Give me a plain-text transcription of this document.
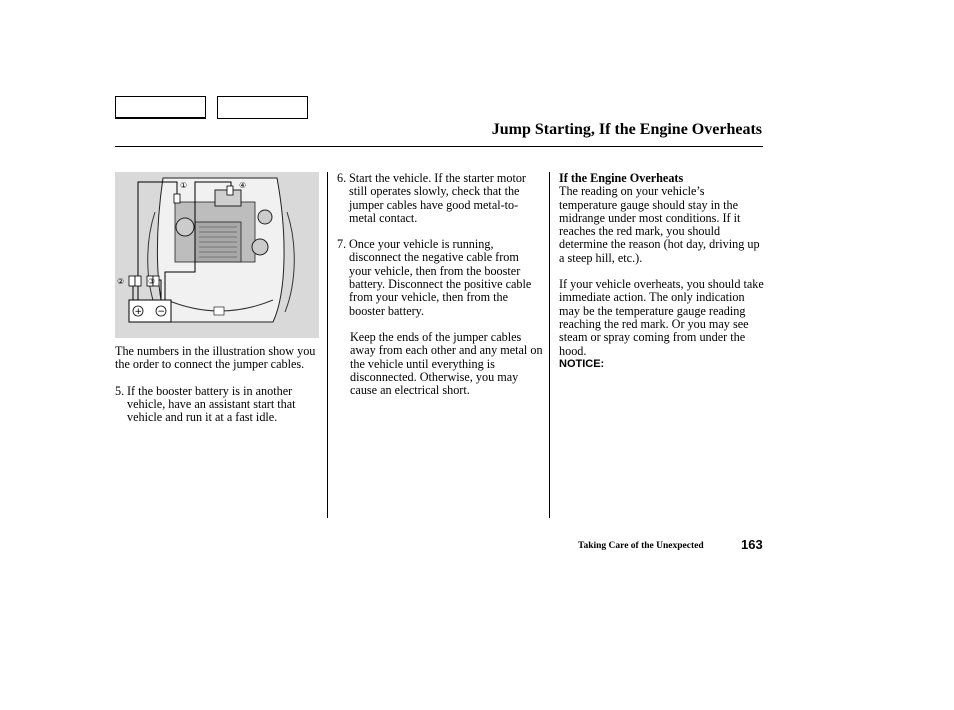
Jump Starting, If the Engine Overheats
+ −
①
②	③
④

The numbers in the illustration show you the order to connect the jumper cables.

5. If the booster battery is in another vehicle, have an assistant start that vehicle and run it at a fast idle.
6. Start the vehicle. If the starter motor still operates slowly, check that the jumper cables have good metal-to-metal contact.
7. Once your vehicle is running, disconnect the negative cable from your vehicle, then from the booster battery. Disconnect the positive cable from your vehicle, then from the booster battery.

Keep the ends of the jumper cables away from each other and any metal on the vehicle until everything is disconnected. Otherwise, you may cause an electrical short.

If the Engine Overheats

The reading on your vehicle’s temperature gauge should stay in the midrange under most conditions. If it reaches the red mark, you should determine the reason (hot day, driving up a steep hill, etc.).

If your vehicle overheats, you should take immediate action. The only indication may be the temperature gauge reading reaching the red mark. Or you may see steam or spray coming from under the hood.

NOTICE:

Taking Care of the Unexpected	163
